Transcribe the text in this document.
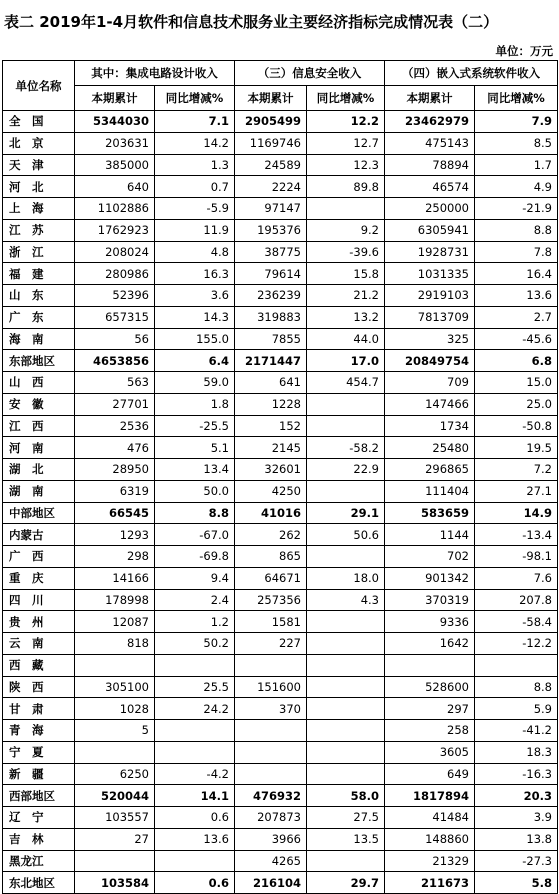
表二 2019年1-4月软件和信息技术服务业主要经济指标完成情况表（二）
单位：万元
单位名称	其中：集成电路设计收入		（三）信息安全收入		（四）嵌入式系统软件收入	
	本期累计	同比增减%	本期累计	同比增减%	本期累计	同比增减%
全　国	5344030	7.1	2905499	12.2	23462979	7.9
北　京	203631	14.2	1169746	12.7	475143	8.5
天　津	385000	1.3	24589	12.3	78894	1.7
河　北	640	0.7	2224	89.8	46574	4.9
上　海	1102886	-5.9	97147		250000	-21.9
江　苏	1762923	11.9	195376	9.2	6305941	8.8
浙　江	208024	4.8	38775	-39.6	1928731	7.8
福　建	280986	16.3	79614	15.8	1031335	16.4
山　东	52396	3.6	236239	21.2	2919103	13.6
广　东	657315	14.3	319883	13.2	7813709	2.7
海　南	56	155.0	7855	44.0	325	-45.6
东部地区	4653856	6.4	2171447	17.0	20849754	6.8
山　西	563	59.0	641	454.7	709	15.0
安　徽	27701	1.8	1228		147466	25.0
江　西	2536	-25.5	152		1734	-50.8
河　南	476	5.1	2145	-58.2	25480	19.5
湖　北	28950	13.4	32601	22.9	296865	7.2
湖　南	6319	50.0	4250		111404	27.1
中部地区	66545	8.8	41016	29.1	583659	14.9
内蒙古	1293	-67.0	262	50.6	1144	-13.4
广　西	298	-69.8	865		702	-98.1
重　庆	14166	9.4	64671	18.0	901342	7.6
四　川	178998	2.4	257356	4.3	370319	207.8
贵　州	12087	1.2	1581		9336	-58.4
云　南	818	50.2	227		1642	-12.2
西　藏						
陕　西	305100	25.5	151600		528600	8.8
甘　肃	1028	24.2	370		297	5.9
青　海	5				258	-41.2
宁　夏					3605	18.3
新　疆	6250	-4.2			649	-16.3
西部地区	520044	14.1	476932	58.0	1817894	20.3
辽　宁	103557	0.6	207873	27.5	41484	3.9
吉　林	27	13.6	3966	13.5	148860	13.8
黑龙江			4265		21329	-27.3
东北地区	103584	0.6	216104	29.7	211673	5.8
